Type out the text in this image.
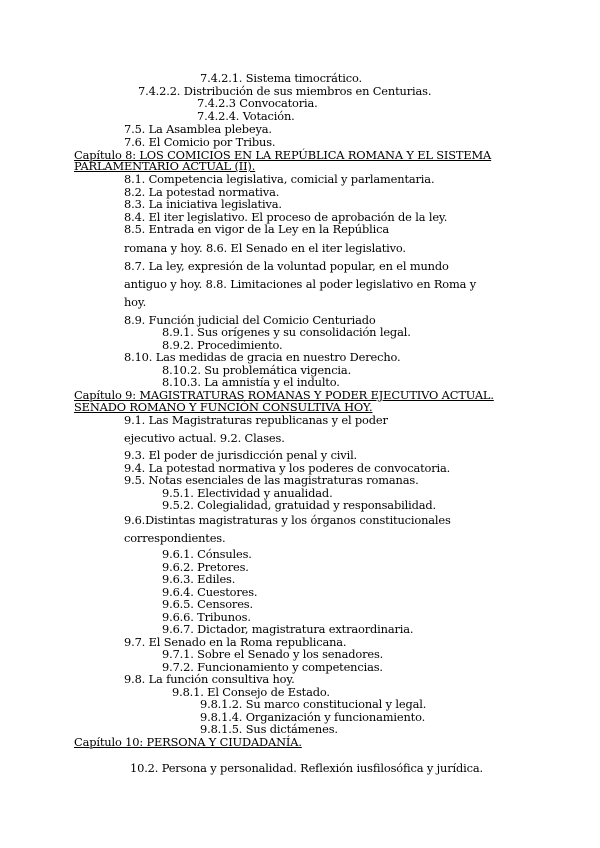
7.4.2.1. Sistema timocrático.
7.4.2.2. Distribución de sus miembros en Centurias.
7.4.2.3 Convocatoria.
7.4.2.4. Votación.
7.5. La Asamblea plebeya.
7.6. El Comicio por Tribus.
Capítulo 8: LOS COMICIOS EN LA REPÚBLICA ROMANA Y EL SISTEMA
PARLAMENTARIO ACTUAL (II).
8.1. Competencia legislativa, comicial y parlamentaria.
8.2. La potestad normativa.
8.3. La iniciativa legislativa.
8.4. El iter legislativo. El proceso de aprobación de la ley.
8.5. Entrada en vigor de la Ley en la República
romana y hoy. 8.6. El Senado en el iter legislativo.
8.7. La ley, expresión de la voluntad popular, en el mundo
antiguo y hoy. 8.8. Limitaciones al poder legislativo en Roma y
hoy.
8.9. Función judicial del Comicio Centuriado
8.9.1. Sus orígenes y su consolidación legal.
8.9.2. Procedimiento.
8.10. Las medidas de gracia en nuestro Derecho.
8.10.2. Su problemática vigencia.
8.10.3. La amnistía y el indulto.
Capítulo 9: MAGISTRATURAS ROMANAS Y PODER EJECUTIVO ACTUAL.
SENADO ROMANO Y FUNCIÓN CONSULTIVA HOY.
9.1. Las Magistraturas republicanas y el poder
ejecutivo actual. 9.2. Clases.
9.3. El poder de jurisdicción penal y civil.
9.4. La potestad normativa y los poderes de convocatoria.
9.5. Notas esenciales de las magistraturas romanas.
9.5.1. Electividad y anualidad.
9.5.2. Colegialidad, gratuidad y responsabilidad.
9.6.Distintas magistraturas y los órganos constitucionales
correspondientes.
9.6.1. Cónsules.
9.6.2. Pretores.
9.6.3. Ediles.
9.6.4. Cuestores.
9.6.5. Censores.
9.6.6. Tribunos.
9.6.7. Dictador, magistratura extraordinaria.
9.7. El Senado en la Roma republicana.
9.7.1. Sobre el Senado y los senadores.
9.7.2. Funcionamiento y competencias.
9.8. La función consultiva hoy.
9.8.1. El Consejo de Estado.
9.8.1.2. Su marco constitucional y legal.
9.8.1.4. Organización y funcionamiento.
9.8.1.5. Sus dictámenes.
Capítulo 10: PERSONA Y CIUDADANÍA.
10.2. Persona y personalidad. Reflexión iusfilosófica y jurídica.
